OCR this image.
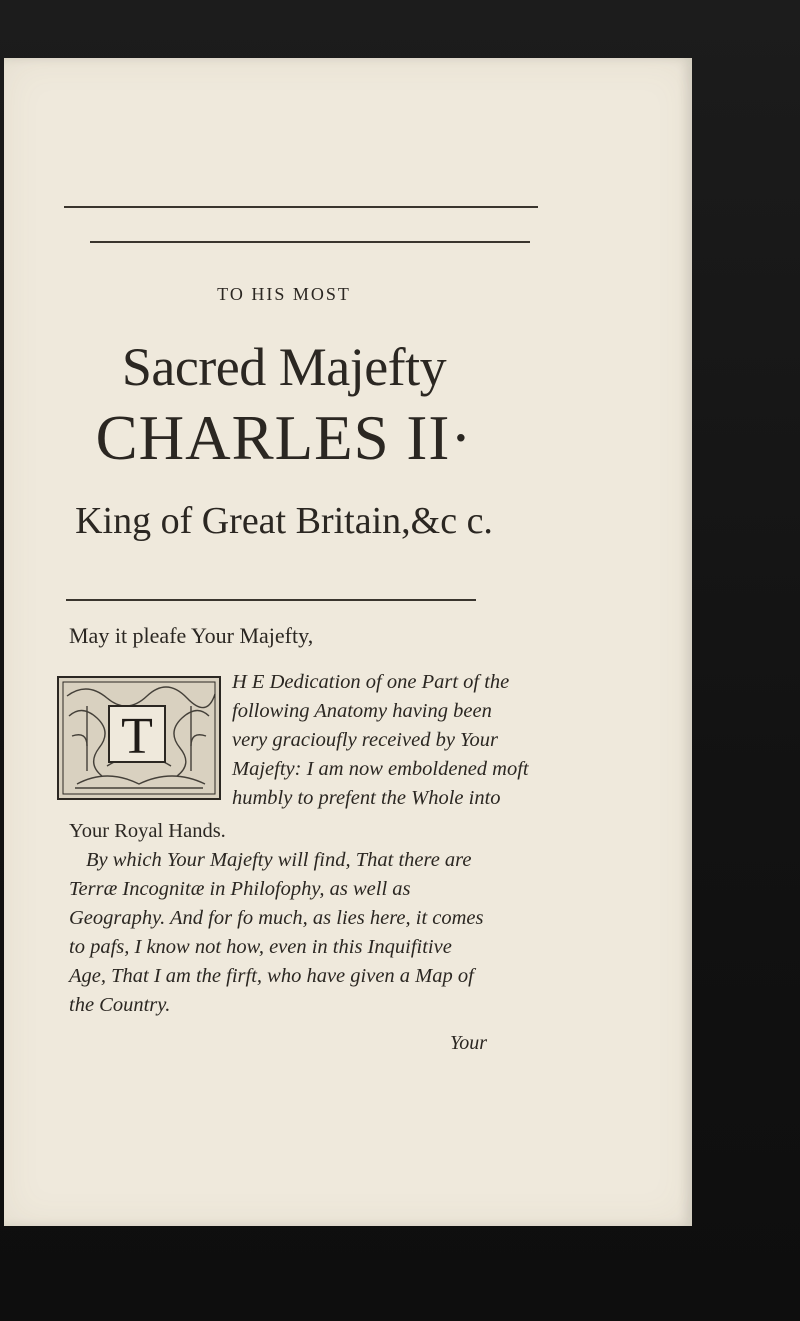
TO HIS MOST
Sacred Majefty
CHARLES II·
King of Great Britain,&c c.
May it pleafe Your Majefty,
T
H E Dedication of one Part of the
following Anatomy having been
very gracioufly received by Your
Majefty: I am now emboldened moft
humbly to prefent the Whole into
Your Royal Hands.
By which Your Majefty will find, That there are Terræ Incognitæ in Philofophy, as well as Geography. And for fo much, as lies here, it comes to pafs, I know not how, even in this Inquifitive Age, That I am the firft, who have given a Map of the Country.
Your
